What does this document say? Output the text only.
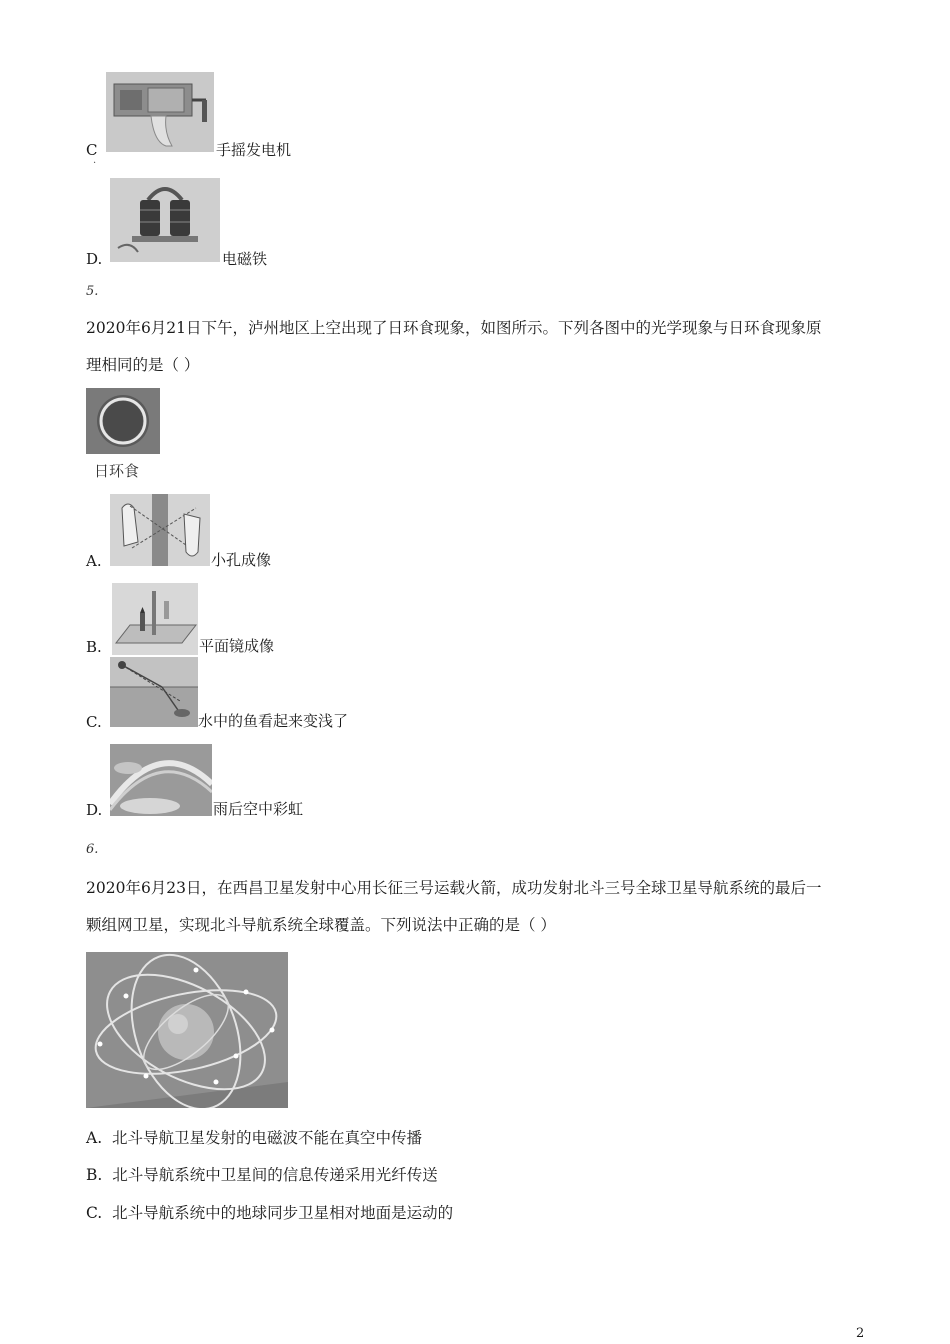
C
·
手摇发电机
D.	电磁铁
5.
2020年6月21日下午，泸州地区上空出现了日环食现象，如图所示。下列各图中的光学现象与日环食现象原
理相同的是（ ）
日环食
A.	小孔成像
B.	平面镜成像
C.	水中的鱼看起来变浅了
D.	雨后空中彩虹
6.
2020年6月23日，在西昌卫星发射中心用长征三号运载火箭，成功发射北斗三号全球卫星导航系统的最后一
颗组网卫星，实现北斗导航系统全球覆盖。下列说法中正确的是（ ）
A. 北斗导航卫星发射的电磁波不能在真空中传播
B. 北斗导航系统中卫星间的信息传递采用光纤传送
C. 北斗导航系统中的地球同步卫星相对地面是运动的
2
